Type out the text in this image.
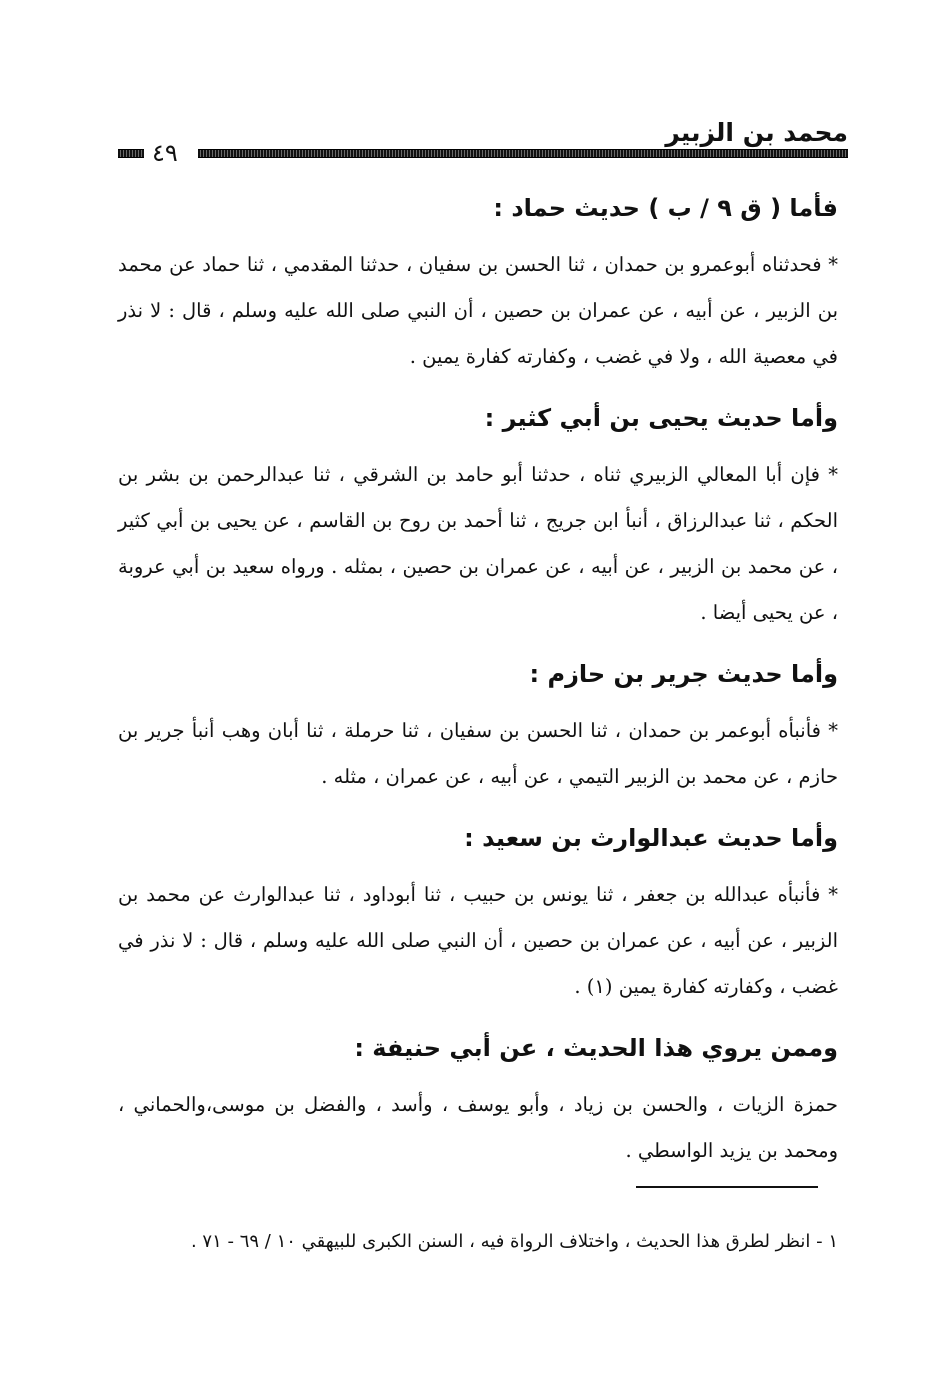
محمد بن الزبير
٤٩
فأما ( ق ٩ / ب ) حديث حماد :

* فحدثناه أبوعمرو بن حمدان ، ثنا الحسن بن سفيان ، حدثنا المقدمي ، ثنا حماد عن محمد بن الزبير ، عن أبيه ، عن عمران بن حصين ، أن النبي صلى الله عليه وسلم ، قال : لا نذر في معصية الله ، ولا في غضب ، وكفارته كفارة يمين .

وأما حديث يحيى بن أبي كثير :

* فإن أبا المعالي الزبيري ثناه ، حدثنا أبو حامد بن الشرقي ، ثنا عبدالرحمن بن بشر بن الحكم ، ثنا عبدالرزاق ، أنبأ ابن جريج ، ثنا أحمد بن روح بن القاسم ، عن يحيى بن أبي كثير ، عن محمد بن الزبير ، عن أبيه ، عن عمران بن حصين ، بمثله . ورواه سعيد بن أبي عروبة ، عن يحيى أيضا .

وأما حديث جرير بن حازم :

* فأنبأه أبوعمر بن حمدان ، ثنا الحسن بن سفيان ، ثنا حرملة ، ثنا أبان وهب أنبأ جرير بن حازم ، عن محمد بن الزبير التيمي ، عن أبيه ، عن عمران ، مثله .

وأما حديث عبدالوارث بن سعيد :

* فأنبأه عبدالله بن جعفر ، ثنا يونس بن حبيب ، ثنا أبوداود ، ثنا عبدالوارث عن محمد بن الزبير ، عن أبيه ، عن عمران بن حصين ، أن النبي صلى الله عليه وسلم ، قال : لا نذر في غضب ، وكفارته كفارة يمين (١) .

وممن يروي هذا الحديث ، عن أبي حنيفة :

حمزة الزيات ، والحسن بن زياد ، وأبو يوسف ، وأسد ، والفضل بن موسى،والحماني ، ومحمد بن يزيد الواسطي .

١ - انظر لطرق هذا الحديث ، واختلاف الرواة فيه ، السنن الكبرى للبيهقي ١٠ / ٦٩ - ٧١ .
